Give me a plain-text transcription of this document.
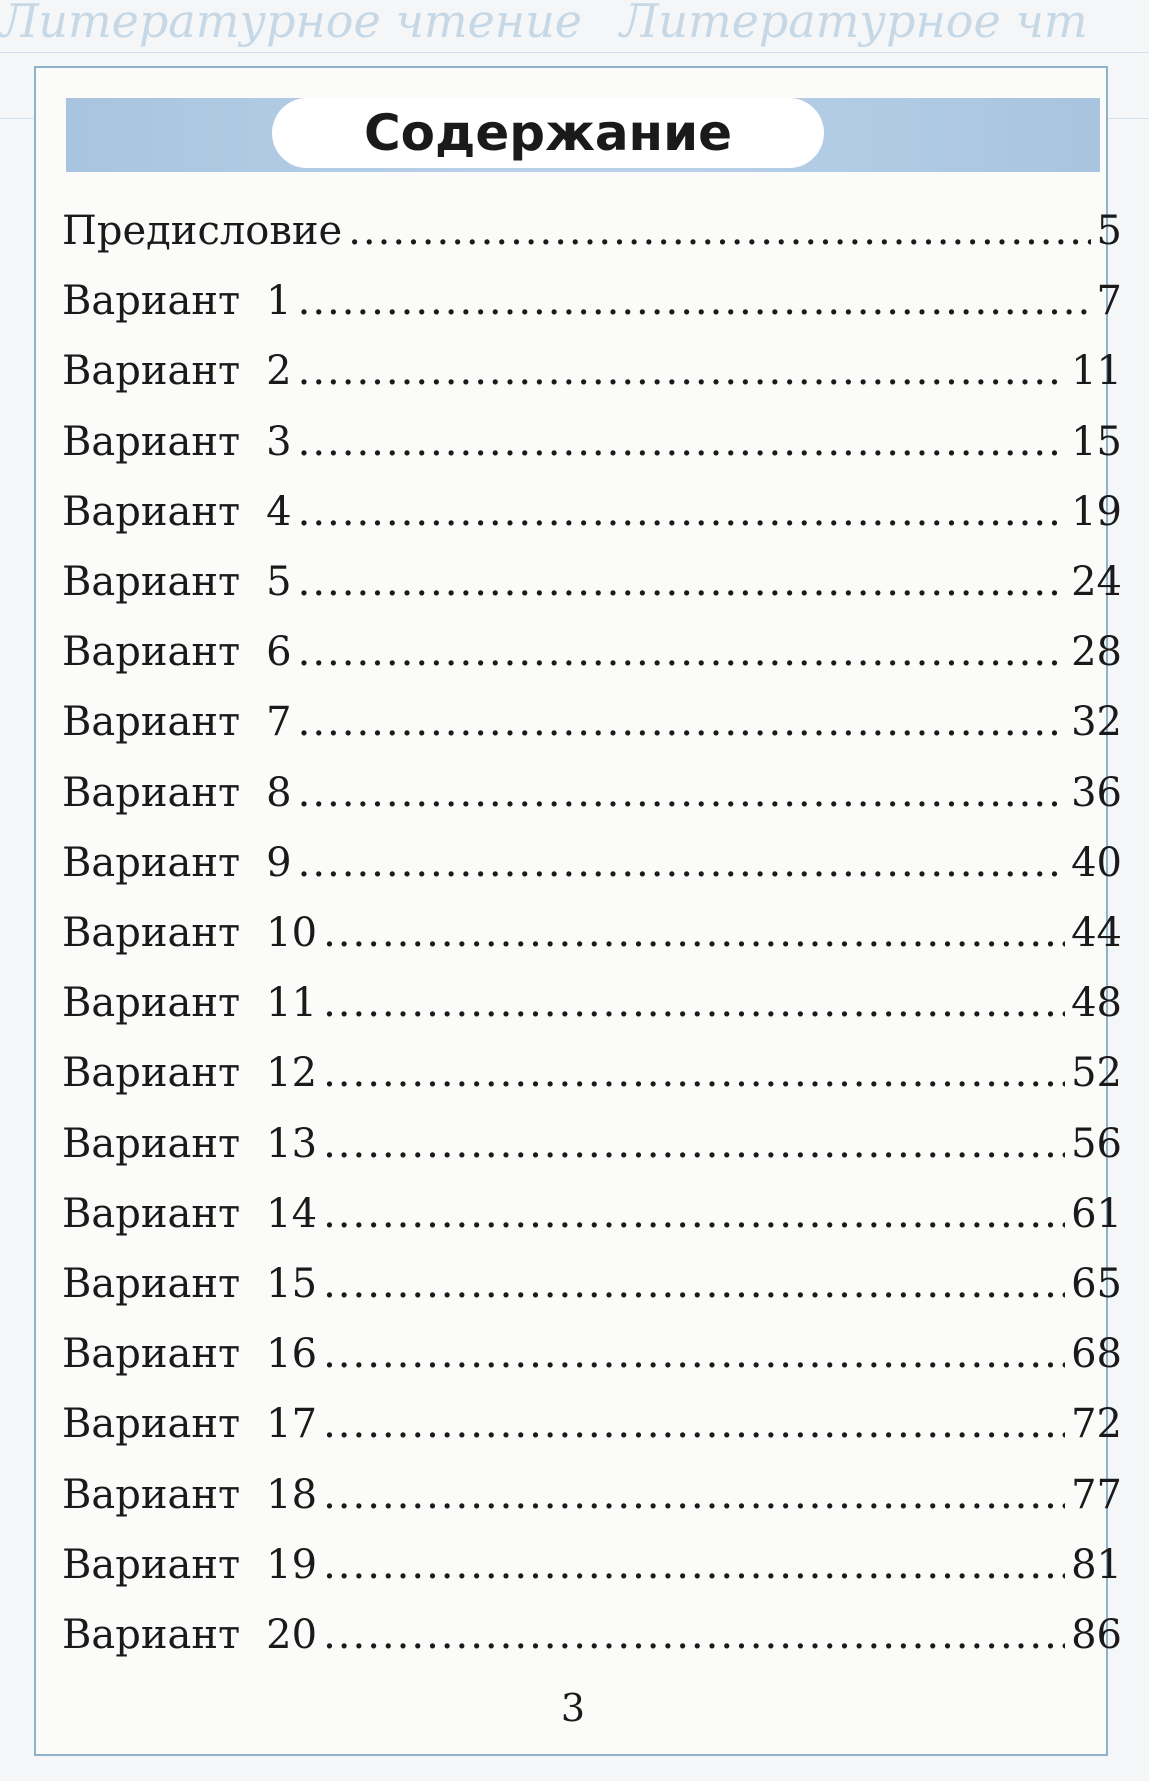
Литературное чтение Литературное чт
Содержание
Предисловие .....	5
Вариант 1 .....	7
Вариант 2 .....	11
Вариант 3 .....	15
Вариант 4 .....	19
Вариант 5 .....	24
Вариант 6 .....	28
Вариант 7 .....	32
Вариант 8 .....	36
Вариант 9 .....	40
Вариант 10 .....	44
Вариант 11 .....	48
Вариант 12 .....	52
Вариант 13 .....	56
Вариант 14 .....	61
Вариант 15 .....	65
Вариант 16 .....	68
Вариант 17 .....	72
Вариант 18 .....	77
Вариант 19 .....	81
Вариант 20 .....	86
3
